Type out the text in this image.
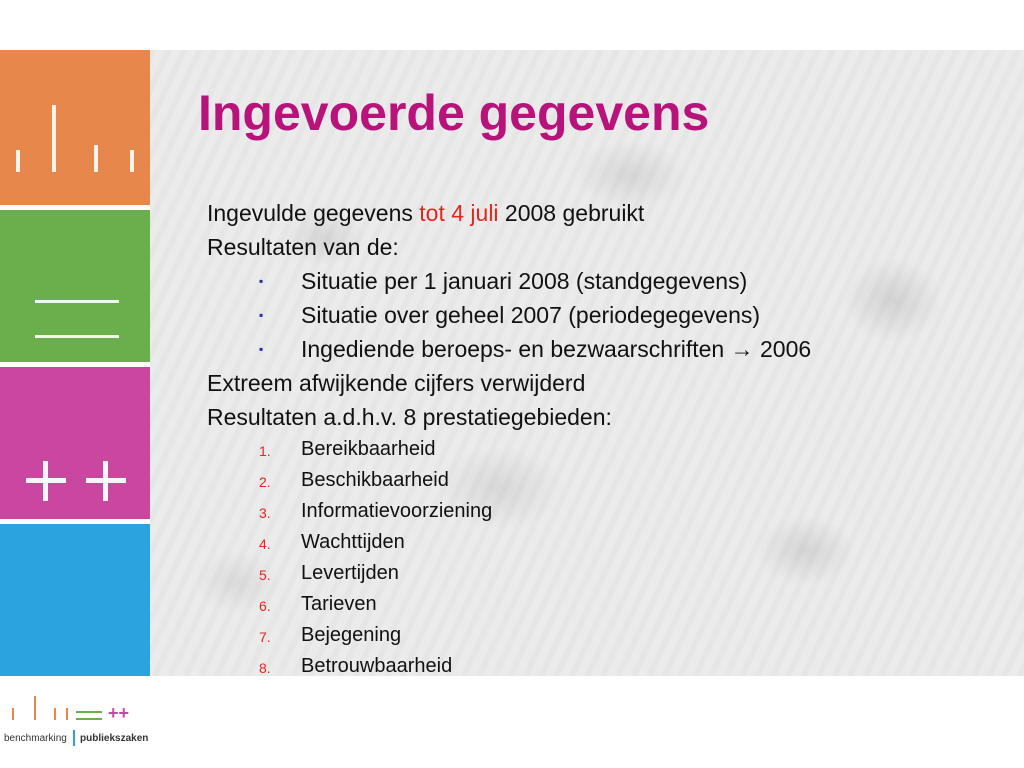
Ingevoerde gegevens
Ingevulde gegevens tot 4 juli 2008 gebruikt
Resultaten van de:
▪ Situatie per 1 januari 2008 (standgegevens)
▪ Situatie over geheel 2007 (periodegegevens)
▪ Ingediende beroeps- en bezwaarschriften → 2006
Extreem afwijkende cijfers verwijderd
Resultaten a.d.h.v. 8 prestatiegebieden:
1. Bereikbaarheid
2. Beschikbaarheid
3. Informatievoorziening
4. Wachttijden
5. Levertijden
6. Tarieven
7. Bejegening
8. Betrouwbaarheid
++
benchmarking publiekszaken
